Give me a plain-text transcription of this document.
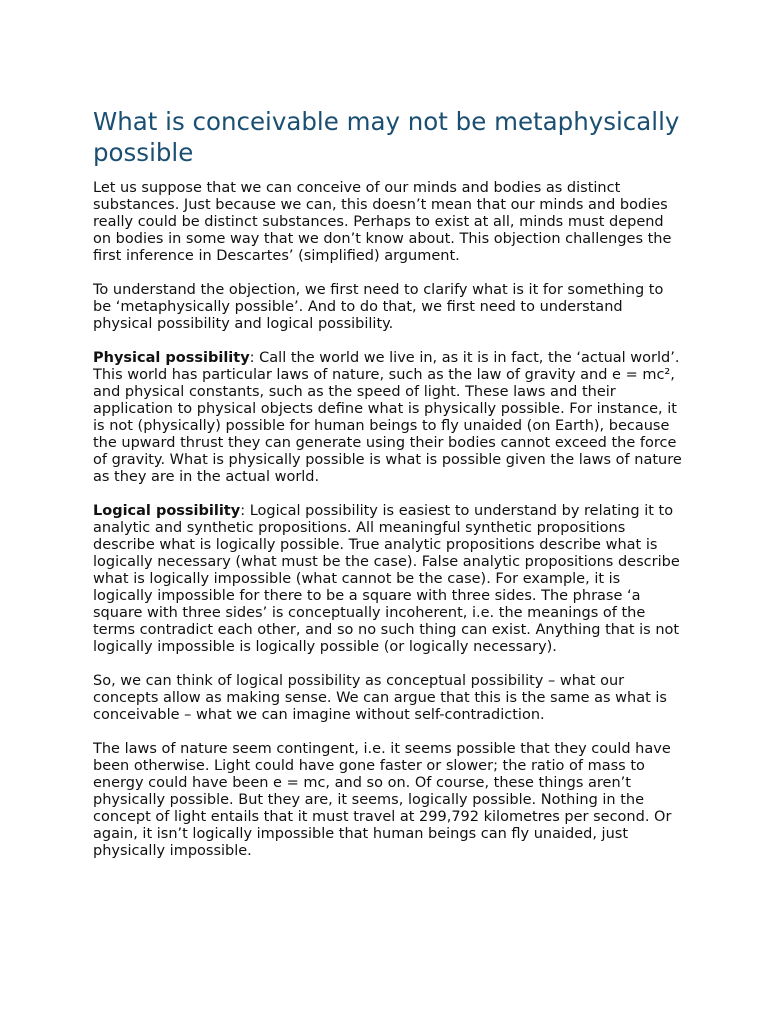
What is conceivable may not be metaphysically possible

Let us suppose that we can conceive of our minds and bodies as distinct substances. Just because we can, this doesn’t mean that our minds and bodies really could be distinct substances. Perhaps to exist at all, minds must depend on bodies in some way that we don’t know about. This objection challenges the first inference in Descartes’ (simplified) argument.

To understand the objection, we first need to clarify what is it for something to be ‘metaphysically possible’. And to do that, we first need to understand physical possibility and logical possibility.

Physical possibility: Call the world we live in, as it is in fact, the ‘actual world’. This world has particular laws of nature, such as the law of gravity and e = mc², and physical constants, such as the speed of light. These laws and their application to physical objects define what is physically possible. For instance, it is not (physically) possible for human beings to fly unaided (on Earth), because the upward thrust they can generate using their bodies cannot exceed the force of gravity. What is physically possible is what is possible given the laws of nature as they are in the actual world.

Logical possibility: Logical possibility is easiest to understand by relating it to analytic and synthetic propositions. All meaningful synthetic propositions describe what is logically possible. True analytic propositions describe what is logically necessary (what must be the case). False analytic propositions describe what is logically impossible (what cannot be the case). For example, it is logically impossible for there to be a square with three sides. The phrase ‘a square with three sides’ is conceptually incoherent, i.e. the meanings of the terms contradict each other, and so no such thing can exist. Anything that is not logically impossible is logically possible (or logically necessary).

So, we can think of logical possibility as conceptual possibility – what our concepts allow as making sense. We can argue that this is the same as what is conceivable – what we can imagine without self-contradiction.

The laws of nature seem contingent, i.e. it seems possible that they could have been otherwise. Light could have gone faster or slower; the ratio of mass to energy could have been e = mc, and so on. Of course, these things aren’t physically possible. But they are, it seems, logically possible. Nothing in the concept of light entails that it must travel at 299,792 kilometres per second. Or again, it isn’t logically impossible that human beings can fly unaided, just physically impossible.
